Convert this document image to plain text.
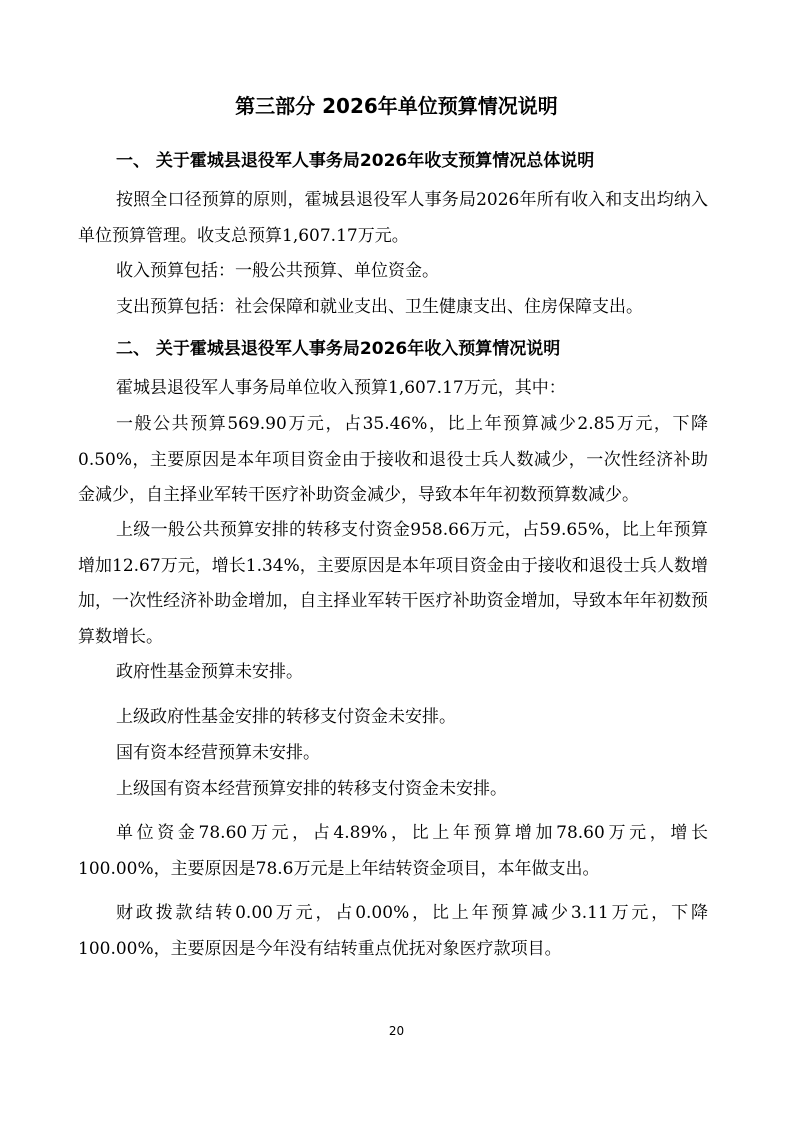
第三部分 2026年单位预算情况说明
一、 关于霍城县退役军人事务局2026年收支预算情况总体说明

按照全口径预算的原则，霍城县退役军人事务局2026年所有收入和支出均纳入单位预算管理。收支总预算1,607.17万元。

收入预算包括：一般公共预算、单位资金。

支出预算包括：社会保障和就业支出、卫生健康支出、住房保障支出。

二、 关于霍城县退役军人事务局2026年收入预算情况说明

霍城县退役军人事务局单位收入预算1,607.17万元，其中：

一般公共预算569.90万元，占35.46%，比上年预算减少2.85万元，下降0.50%，主要原因是本年项目资金由于接收和退役士兵人数减少，一次性经济补助金减少，自主择业军转干医疗补助资金减少，导致本年年初数预算数减少。

上级一般公共预算安排的转移支付资金958.66万元，占59.65%，比上年预算增加12.67万元，增长1.34%，主要原因是本年项目资金由于接收和退役士兵人数增加，一次性经济补助金增加，自主择业军转干医疗补助资金增加，导致本年年初数预算数增长。

政府性基金预算未安排。

上级政府性基金安排的转移支付资金未安排。

国有资本经营预算未安排。

上级国有资本经营预算安排的转移支付资金未安排。

单位资金78.60万元，占4.89%，比上年预算增加78.60万元，增长100.00%，主要原因是78.6万元是上年结转资金项目，本年做支出。

财政拨款结转0.00万元，占0.00%，比上年预算减少3.11万元，下降100.00%，主要原因是今年没有结转重点优抚对象医疗款项目。

20
